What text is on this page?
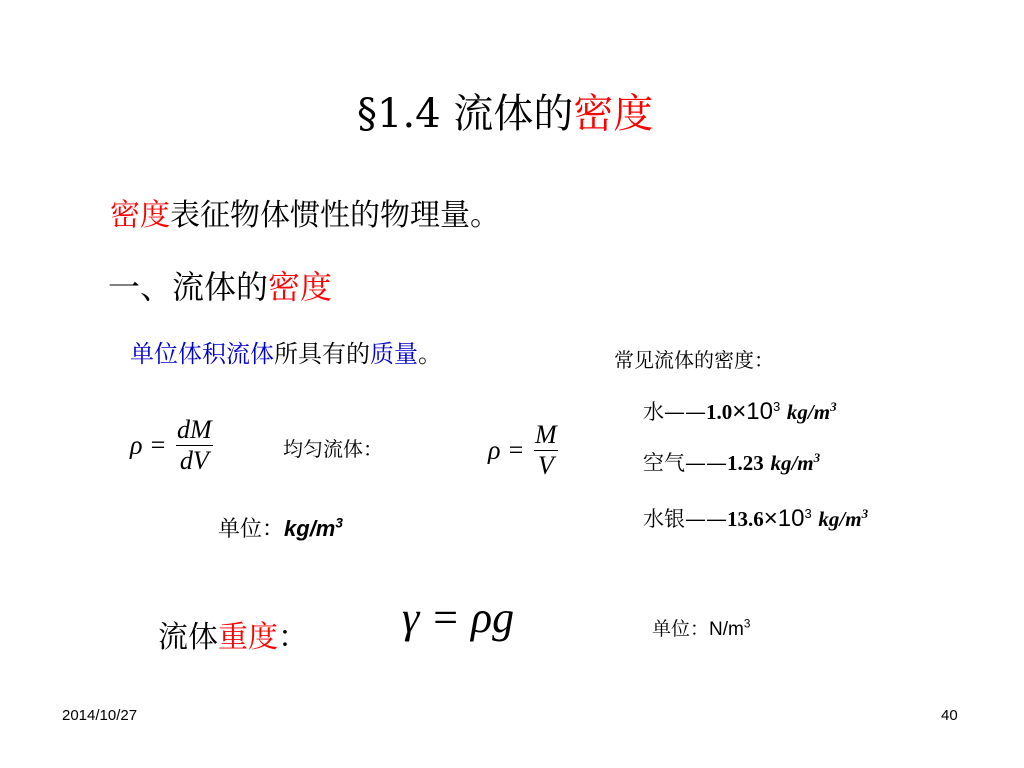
§1.4 流体的密度
密度表征物体惯性的物理量。
一、流体的密度
单位体积流体所具有的质量。
$\rho = \frac{dM}{dV}$	均匀流体：	$\rho = \frac{M}{V}$
单位：$kg/m^3$
常见流体的密度：
水$——1.0\times 10^3$ $kg/m^3$
空气——1.23 $kg/m^3$
水银$——13.6\times 10^3$ $kg/m^3$
流体重度： γ = ρg	单位：$N/m^3$
2014/10/27	40
